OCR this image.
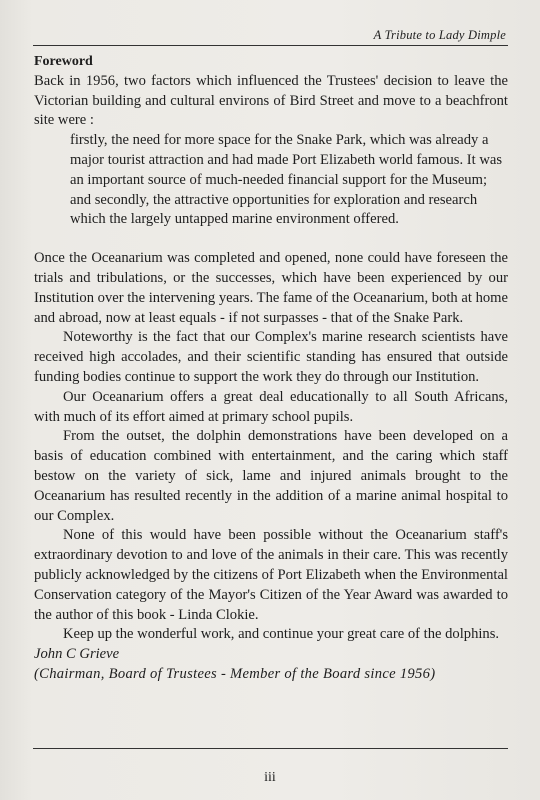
A Tribute to Lady Dimple

Foreword

Back in 1956, two factors which influenced the Trustees' decision to leave the Victorian building and cultural environs of Bird Street and move to a beachfront site were :

firstly, the need for more space for the Snake Park, which was already a major tourist attraction and had made Port Elizabeth world famous. It was an important source of much-needed financial support for the Museum;

and secondly, the attractive opportunities for exploration and research which the largely untapped marine environment offered.

Once the Oceanarium was completed and opened, none could have foreseen the trials and tribulations, or the successes, which have been experienced by our Institution over the intervening years. The fame of the Oceanarium, both at home and abroad, now at least equals - if not surpasses - that of the Snake Park.

Noteworthy is the fact that our Complex's marine research scientists have received high accolades, and their scientific standing has ensured that outside funding bodies continue to support the work they do through our Institution.

Our Oceanarium offers a great deal educationally to all South Africans, with much of its effort aimed at primary school pupils.

From the outset, the dolphin demonstrations have been developed on a basis of education combined with entertainment, and the caring which staff bestow on the variety of sick, lame and injured animals brought to the Oceanarium has resulted recently in the addition of a marine animal hospital to our Complex.

None of this would have been possible without the Oceanarium staff's extraordinary devotion to and love of the animals in their care. This was recently publicly acknowledged by the citizens of Port Elizabeth when the Environmental Conservation category of the Mayor's Citizen of the Year Award was awarded to the author of this book - Linda Clokie.

Keep up the wonderful work, and continue your great care of the dolphins.

John C Grieve

(Chairman, Board of Trustees - Member of the Board since 1956)

iii
